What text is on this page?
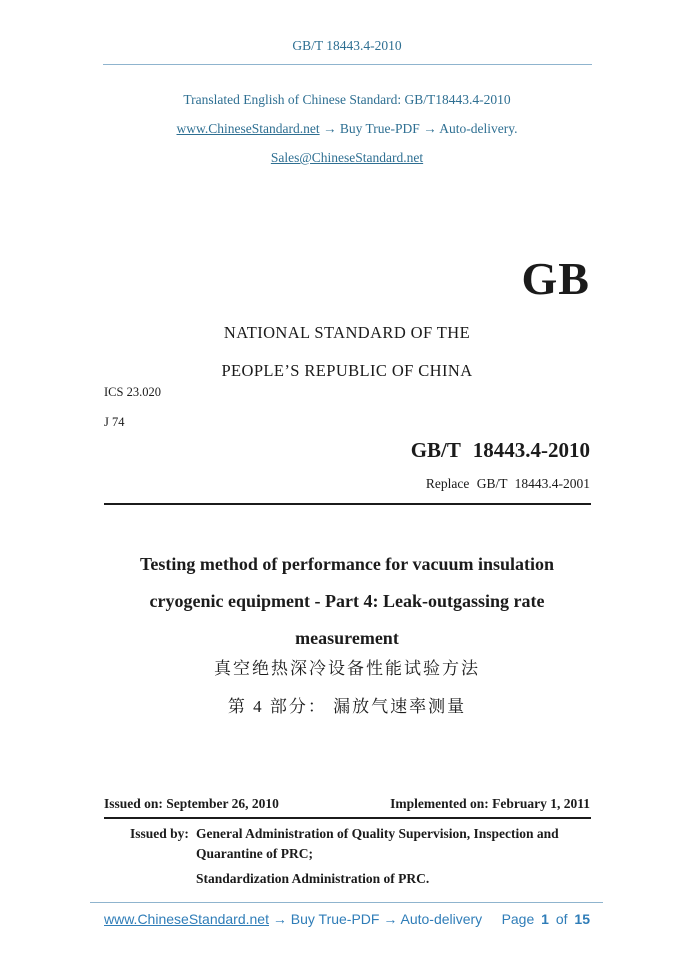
GB/T 18443.4-2010
Translated English of Chinese Standard: GB/T18443.4-2010
www.ChineseStandard.net → Buy True-PDF → Auto-delivery.
Sales@ChineseStandard.net
GB
NATIONAL STANDARD OF THE
PEOPLE’S REPUBLIC OF CHINA
ICS 23.020
J 74
GB/T 18443.4-2010
Replace GB/T 18443.4-2001
Testing method of performance for vacuum insulation
cryogenic equipment - Part 4: Leak-outgassing rate
measurement
真空绝热深冷设备性能试验方法
第 4 部分： 漏放气速率测量
Issued on: September 26, 2010	Implemented on: February 1, 2011
Issued by: General Administration of Quality Supervision, Inspection and
Quarantine of PRC;
Standardization Administration of PRC.
www.ChineseStandard.net → Buy True-PDF → Auto-delivery Page 1 of 15
